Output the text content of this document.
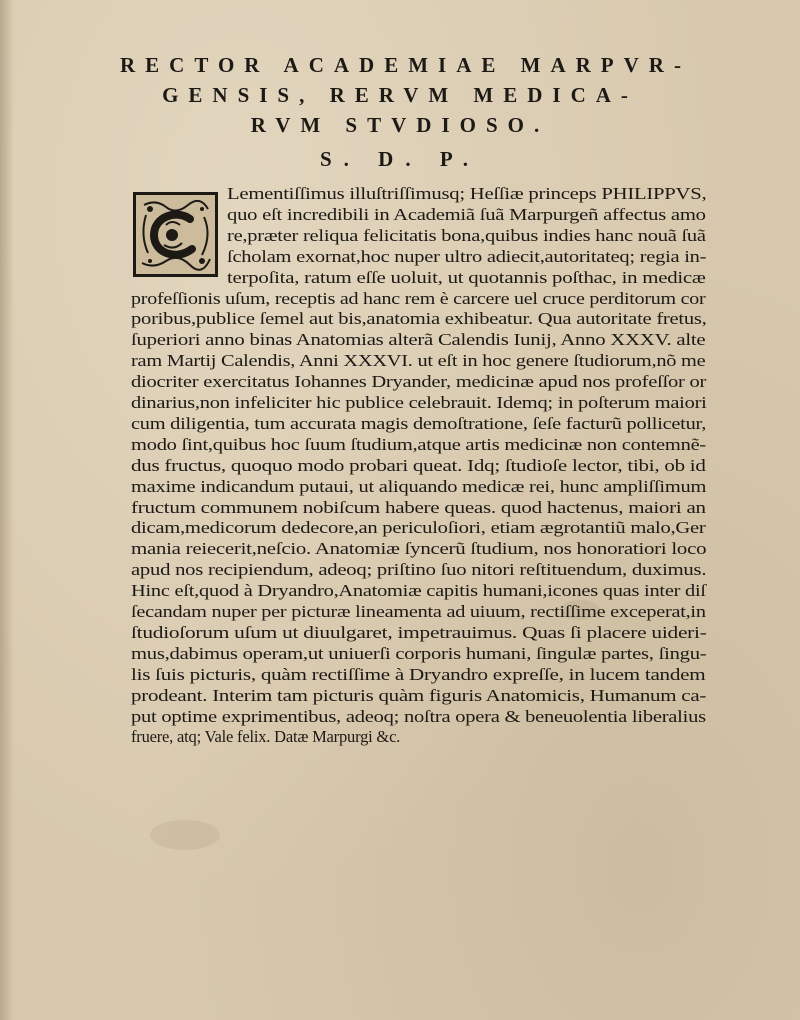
RECTOR ACADEMIAE MARPVR-
GENSIS, RERVM MEDICA-
RVM STVDIOSO.
S. D. P.
Lementiſſimus illuſtriſſimusq; Heſſiæ princeps PHILIPPVS,
quo eſt incredibili in Academiã ſuã Marpurgeñ affectus amo
re,præter reliqua felicitatis bona,quibus indies hanc nouã ſuã
ſcholam exornat,hoc nuper ultro adiecit,autoritateq; regia in-
terpoſita, ratum eſſe uoluit, ut quotannis poſthac, in medicæ
profeſſionis uſum, receptis ad hanc rem è carcere uel cruce perditorum cor
poribus,publice ſemel aut bis,anatomia exhibeatur. Qua autoritate fretus,
ſuperiori anno binas Anatomias alterã Calendis Iunij, Anno XXXV. alte
ram Martij Calendis, Anni XXXVI. ut eſt in hoc genere ſtudiorum,nõ me
diocriter exercitatus Iohannes Dryander, medicinæ apud nos profeſſor or
dinarius,non infeliciter hic publice celebrauit. Idemq; in poſterum maiori
cum diligentia, tum accurata magis demoſtratione, ſeſe facturũ pollicetur,
modo ſint,quibus hoc ſuum ſtudium,atque artis medicinæ non contemnẽ-
dus fructus, quoquo modo probari queat. Idq; ſtudioſe lector, tibi, ob id
maxime indicandum putaui, ut aliquando medicæ rei, hunc ampliſſimum
fructum communem nobiſcum habere queas. quod hactenus, maiori an
dicam,medicorum dedecore,an periculoſiori, etiam ægrotantiũ malo,Ger
mania reiecerit,neſcio. Anatomiæ ſyncerũ ſtudium, nos honoratiori loco
apud nos recipiendum, adeoq; priſtino ſuo nitori reſtituendum, duximus.
Hinc eſt,quod à Dryandro,Anatomiæ capitis humani,icones quas inter diſ
ſecandam nuper per picturæ lineamenta ad uiuum, rectiſſime exceperat,in
ſtudioſorum uſum ut diuulgaret, impetrauimus. Quas ſi placere uideri-
mus,dabimus operam,ut uniuerſi corporis humani, ſingulæ partes, ſingu-
lis ſuis picturis, quàm rectiſſime à Dryandro expreſſe, in lucem tandem
prodeant. Interim tam picturis quàm figuris Anatomicis, Humanum ca-
put optime exprimentibus, adeoq; noſtra opera & beneuolentia liberalius
fruere, atq; Vale felix. Datæ Marpurgi &c.
